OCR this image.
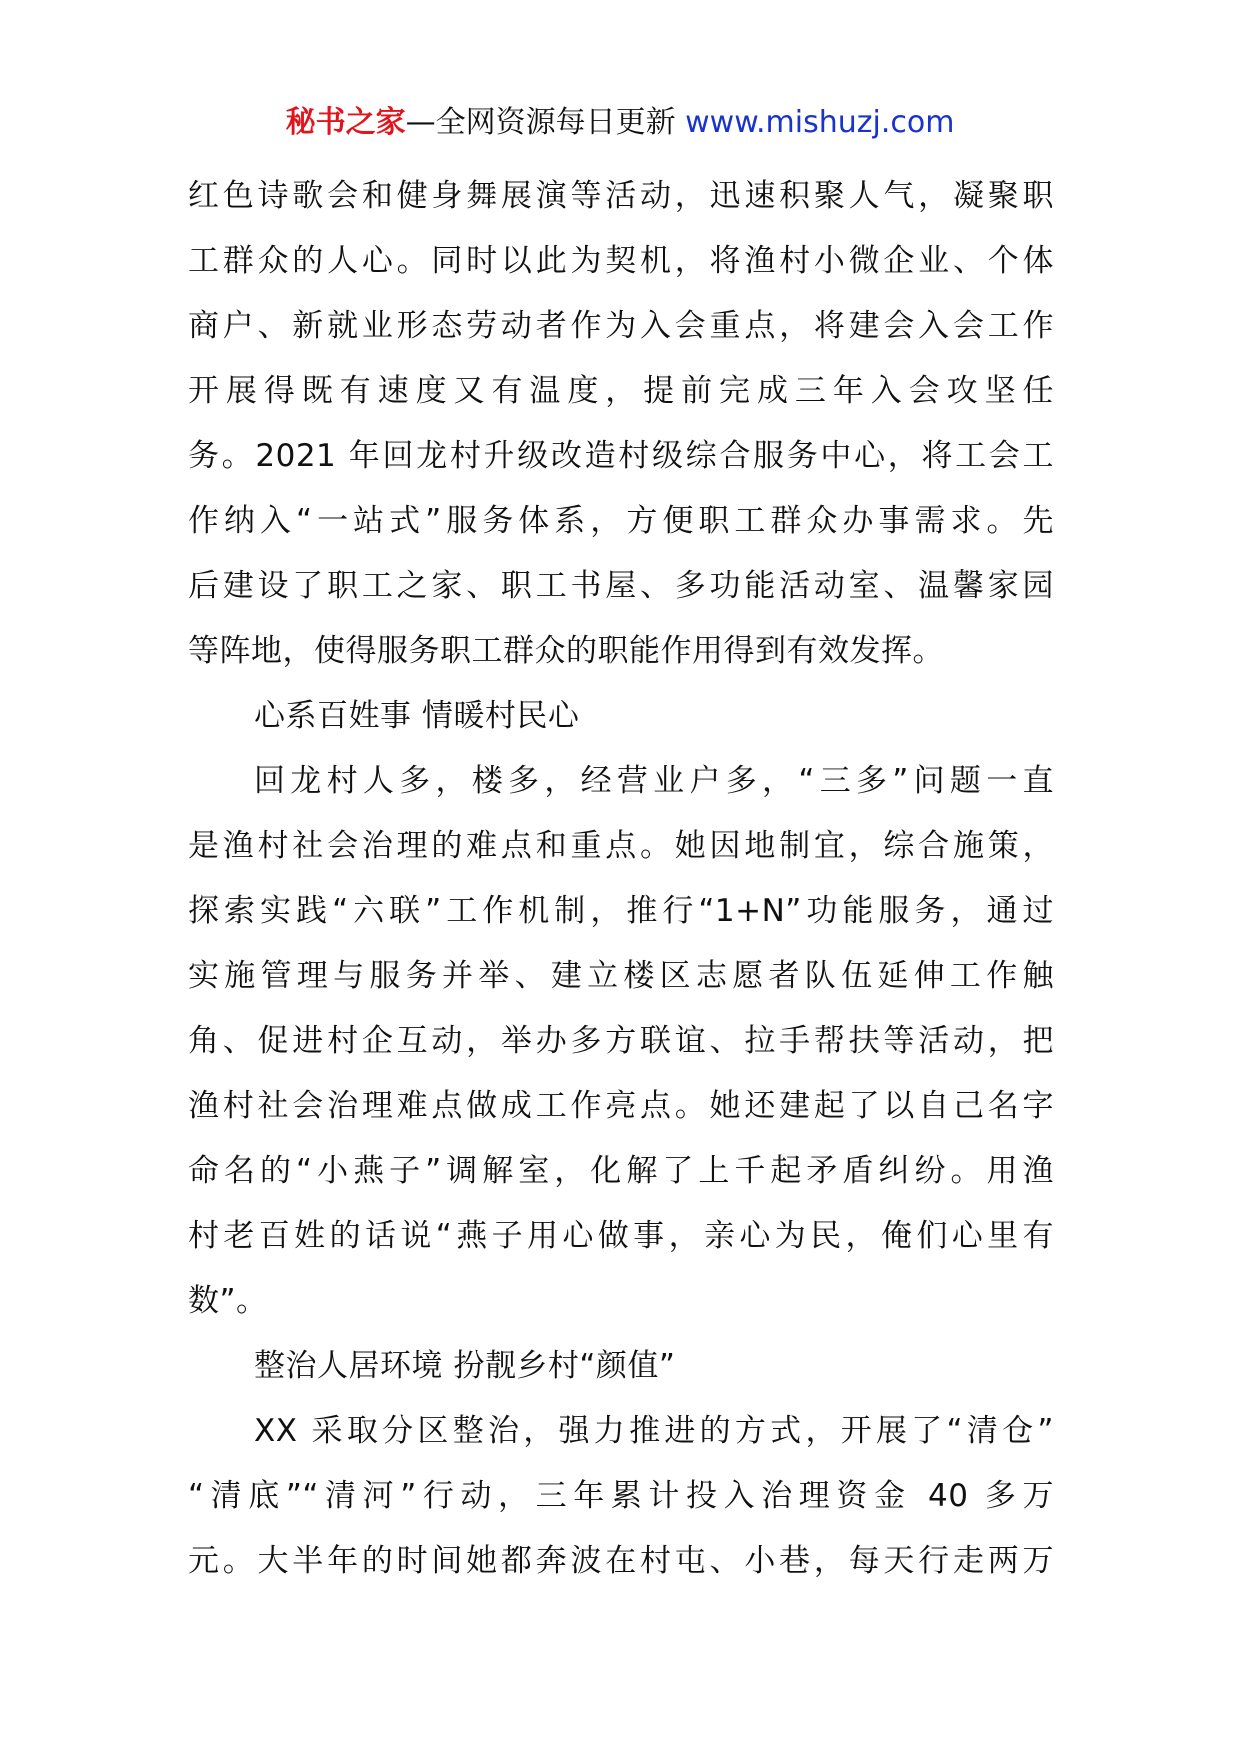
秘书之家—全网资源每日更新 www.mishuzj.com
红色诗歌会和健身舞展演等活动，迅速积聚人气，凝聚职
工群众的人心。同时以此为契机，将渔村小微企业、个体
商户、新就业形态劳动者作为入会重点，将建会入会工作
开展得既有速度又有温度，提前完成三年入会攻坚任
务。2021 年回龙村升级改造村级综合服务中心，将工会工
作纳入“一站式”服务体系，方便职工群众办事需求。先
后建设了职工之家、职工书屋、多功能活动室、温馨家园
等阵地，使得服务职工群众的职能作用得到有效发挥。
心系百姓事 情暖村民心
回龙村人多，楼多，经营业户多，“三多”问题一直
是渔村社会治理的难点和重点。她因地制宜，综合施策，
探索实践“六联”工作机制，推行“1+N”功能服务，通过
实施管理与服务并举、建立楼区志愿者队伍延伸工作触
角、促进村企互动，举办多方联谊、拉手帮扶等活动，把
渔村社会治理难点做成工作亮点。她还建起了以自己名字
命名的“小燕子”调解室，化解了上千起矛盾纠纷。用渔
村老百姓的话说“燕子用心做事，亲心为民，俺们心里有
数”。
整治人居环境 扮靓乡村“颜值”
XX 采取分区整治，强力推进的方式，开展了“清仓”
“清底”“清河”行动，三年累计投入治理资金 40 多万
元。大半年的时间她都奔波在村屯、小巷，每天行走两万
